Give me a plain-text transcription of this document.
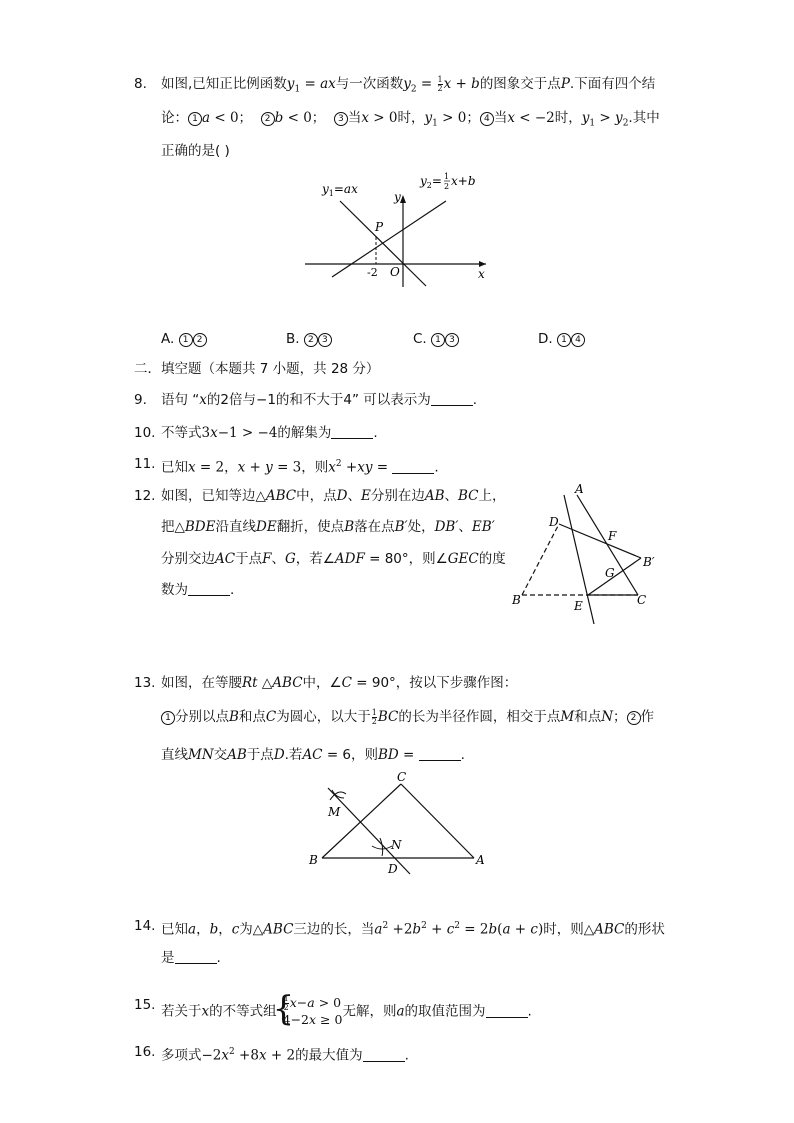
8. 如图,已知正比例函数$y_1$ = ax与一次函数$y_2 = \frac{1}{2}$ x + b的图象交于点P.下面有四个结
论： 1 a < 0； 2 b < 0； 3 当x > 0时，$y_1 > 0$； 4 当x < −2时，$y_1 > y_2$.其中
正确的是( )
$y_1=ax$
$y_2= 1$
2 x+b
y
x
P
O
-2
A. 1 2	B. 2 3	C. 1 3	D. 1 4
二．填空题（本题共 7 小题，共 28 分）
9. 语句 “x的2倍与−1的和不大于4” 可以表示为	.
10. 不等式3x−1 > −4的解集为	.
11. 已知x = 2，x + y = 3，则$x^2 +xy$ =	.
12. 如图，已知等边△ABC中，点D、E分别在边AB、BC上，
把△BDE沿直线DE翻折，使点B落在点B′处，DB′、EB′
分别交边AC于点F、G，若∠ADF = 80°，则∠GEC的度
数为	.
A
D
F
B′
G
B	E	C
13. 如图，在等腰Rt △ABC中，∠C = 90°，按以下步骤作图：
1 分别以点B和点C为圆心，以大于 $\frac{1}{2}$ BC的长为半径作圆，相交于点M和点N； 2 作
直线MN交AB于点D.若AC = 6，则BD =	.
C
M
N
B	A
D
14. 已知a，b，c为△ABC三边的长，当$a^2 +2b^2 + c^2 = 2b(a + c)$时，则△ABC的形状
是	.
15. 若关于x的不等式组
{ $\frac{1}{2} x-a > 0$
4−2x ≥ 0 无解，则a的取值范围为	.
16. 多项式$-2x^2 +8x + 2$的最大值为	.
